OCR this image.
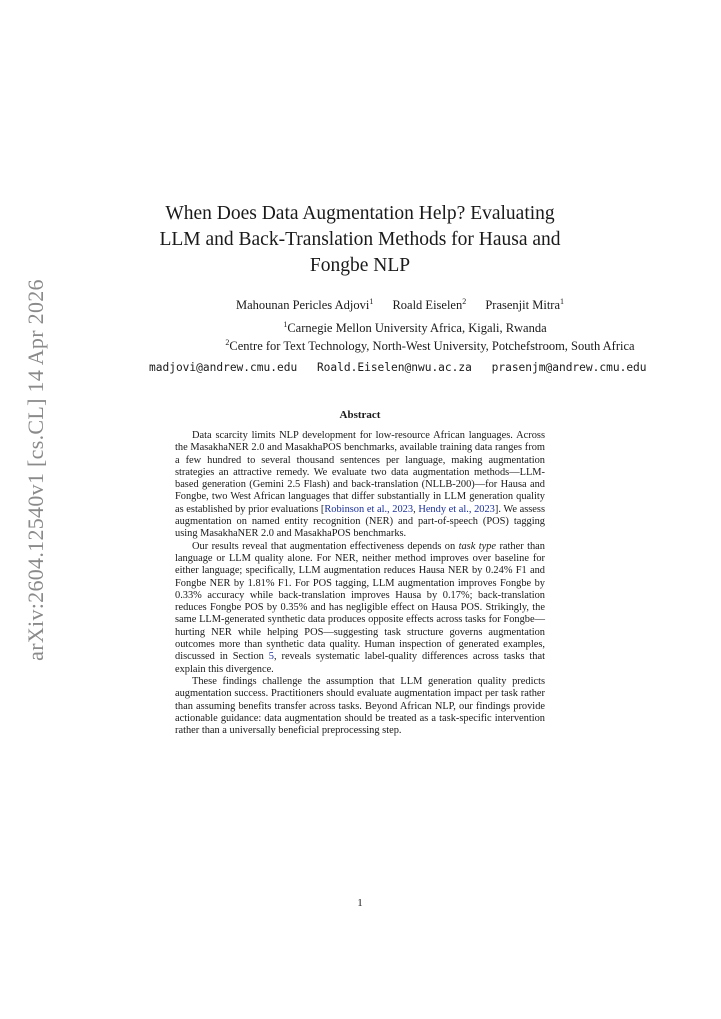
arXiv:2604.12540v1 [cs.CL] 14 Apr 2026
When Does Data Augmentation Help? Evaluating
LLM and Back-Translation Methods for Hausa and
Fongbe NLP
Mahounan Pericles Adjovi$^1$ Roald Eiselen$^2$ Prasenjit Mitra$^1$
$^1$Carnegie Mellon University Africa, Kigali, Rwanda
$^2$Centre for Text Technology, North-West University, Potchefstroom, South Africa
madjovi@andrew.cmu.edu Roald.Eiselen@nwu.ac.za prasenjm@andrew.cmu.edu
Abstract

Data scarcity limits NLP development for low-resource African languages. Across the MasakhaNER 2.0 and MasakhaPOS benchmarks, available training data ranges from a few hundred to several thousand sentences per language, making augmentation strategies an attractive remedy. We evaluate two data augmentation methods—LLM-based generation (Gemini 2.5 Flash) and back-translation (NLLB-200)—for Hausa and Fongbe, two West African languages that differ substantially in LLM generation quality as established by prior evaluations [Robinson et al., 2023, Hendy et al., 2023]. We assess augmentation on named entity recognition (NER) and part-of-speech (POS) tagging using MasakhaNER 2.0 and MasakhaPOS benchmarks.

Our results reveal that augmentation effectiveness depends on task type rather than language or LLM quality alone. For NER, neither method improves over baseline for either language; specifically, LLM augmentation reduces Hausa NER by 0.24% F1 and Fongbe NER by 1.81% F1. For POS tagging, LLM augmentation improves Fongbe by 0.33% accuracy while back-translation improves Hausa by 0.17%; back-translation reduces Fongbe POS by 0.35% and has negligible effect on Hausa POS. Strikingly, the same LLM-generated synthetic data produces opposite effects across tasks for Fongbe—hurting NER while helping POS—suggesting task structure governs augmentation outcomes more than synthetic data quality. Human inspection of generated examples, discussed in Section 5, reveals systematic label-quality differences across tasks that explain this divergence.

These findings challenge the assumption that LLM generation quality predicts augmentation success. Practitioners should evaluate augmentation impact per task rather than assuming benefits transfer across tasks. Beyond African NLP, our findings provide actionable guidance: data augmentation should be treated as a task-specific intervention rather than a universally beneficial preprocessing step.

1
